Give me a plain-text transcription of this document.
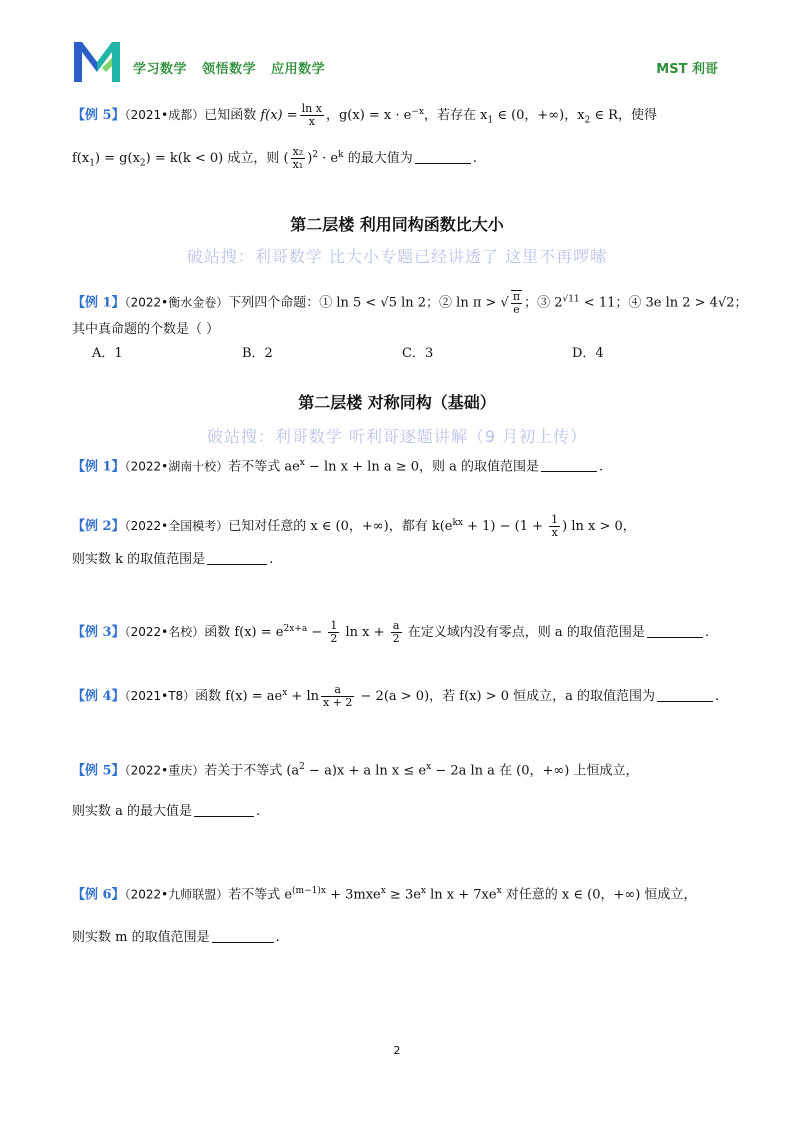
学习数学   领悟数学   应用数学	MST 利哥
【例 5】（2021•成都）已知函数 $f(x) = \frac{\text{ln x}}{x}$ ，$g(x) = x \cdot e^{-x}$，若存在 $x_1$ ∈ (0，+∞)，$x_2$ ∈ R，使得
$f(x_1) = g(x_2) = k(k < 0)$ 成立，则 ( $\frac{\text{x₂}}{\text{x₁}} )^2 \cdot e^k$ 的最大值为	.
第二层楼 利用同构函数比大小
破站搜：利哥数学 比大小专题已经讲透了 这里不再啰嗦
【例 1】（2022•衡水金卷）下列四个命题：① ln 5 < √5 ln 2；② ln π > √ $\frac{\pi}{e}$ ；③ $2^{√11} < 11$；④ 3e ln 2 > 4√2；
其中真命题的个数是（ ）
A．1	B．2	C．3	D．4
第二层楼 对称同构（基础）
破站搜：利哥数学 听利哥逐题讲解（9 月初上传）
【例 1】（2022•湖南十校）若不等式 $ae^x - \ln x + \ln a \ge 0$，则 a 的取值范围是	.
【例 2】（2022•全国模考）已知对任意的 x ∈ (0，+∞)，都有 $k(e^{kx} + 1) - (1 + \frac{1}{x}$ ) ln x > 0，
则实数 k 的取值范围是	.
【例 3】（2022•名校）函数 $f(x) = e^{2x+a} - \frac{1}{2}$ $\ln x + \frac{a}{2}$ 在定义域内没有零点，则 a 的取值范围是	.
【例 4】（2021•T8）函数 $f(x) = ae^x + \ln \frac{a}{x + 2} - 2(a > 0)$，若 f(x) > 0 恒成立，a 的取值范围为	.
【例 5】（2022•重庆）若关于不等式 $(a^2 - a)x + a$ $\ln x \le e^x - 2a$ ln a 在 (0，+∞) 上恒成立，
则实数 a 的最大值是	.
【例 6】（2022•九师联盟）若不等式 $e^{(m-1)x} + 3mxe^x \ge 3e^x$ $\ln x + 7xe^x$ 对任意的 x ∈ (0，+∞) 恒成立，
则实数 m 的取值范围是	.
2
